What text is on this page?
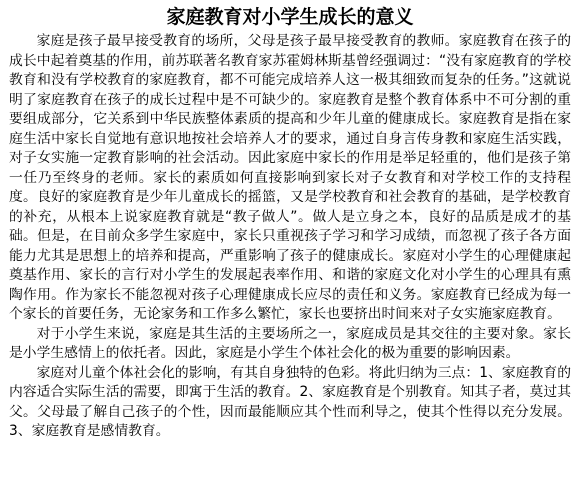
家庭教育对小学生成长的意义

家庭是孩子最早接受教育的场所，父母是孩子最早接受教育的教师。家庭教育在孩子的成长中起着奠基的作用，前苏联著名教育家苏霍姆林斯基曾经强调过：“没有家庭教育的学校教育和没有学校教育的家庭教育，都不可能完成培养人这一极其细致而复杂的任务。”这就说明了家庭教育在孩子的成长过程中是不可缺少的。家庭教育是整个教育体系中不可分割的重要组成部分，它关系到中华民族整体素质的提高和少年儿童的健康成长。家庭教育是指在家庭生活中家长自觉地有意识地按社会培养人才的要求，通过自身言传身教和家庭生活实践，对子女实施一定教育影响的社会活动。因此家庭中家长的作用是举足轻重的，他们是孩子第一任乃至终身的老师。家长的素质如何直接影响到家长对子女教育和对学校工作的支持程度。良好的家庭教育是少年儿童成长的摇篮，又是学校教育和社会教育的基础，是学校教育的补充，从根本上说家庭教育就是“教子做人”。做人是立身之本，良好的品质是成才的基础。但是，在目前众多学生家庭中，家长只重视孩子学习和学习成绩，而忽视了孩子各方面能力尤其是思想上的培养和提高，严重影响了孩子的健康成长。家庭对小学生的心理健康起奠基作用、家长的言行对小学生的发展起表率作用、和谐的家庭文化对小学生的心理具有熏陶作用。作为家长不能忽视对孩子心理健康成长应尽的责任和义务。家庭教育已经成为每一个家长的首要任务，无论家务和工作多么繁忙，家长也要挤出时间来对子女实施家庭教育。

对于小学生来说，家庭是其生活的主要场所之一，家庭成员是其交往的主要对象。家长是小学生感情上的依托者。因此，家庭是小学生个体社会化的极为重要的影响因素。

家庭对儿童个体社会化的影响，有其自身独特的色彩。将此归纳为三点：1、家庭教育的内容适合实际生活的需要，即寓于生活的教育。2、家庭教育是个别教育。知其子者，莫过其父。父母最了解自己孩子的个性，因而最能顺应其个性而利导之，使其个性得以充分发展。3、家庭教育是感情教育。
